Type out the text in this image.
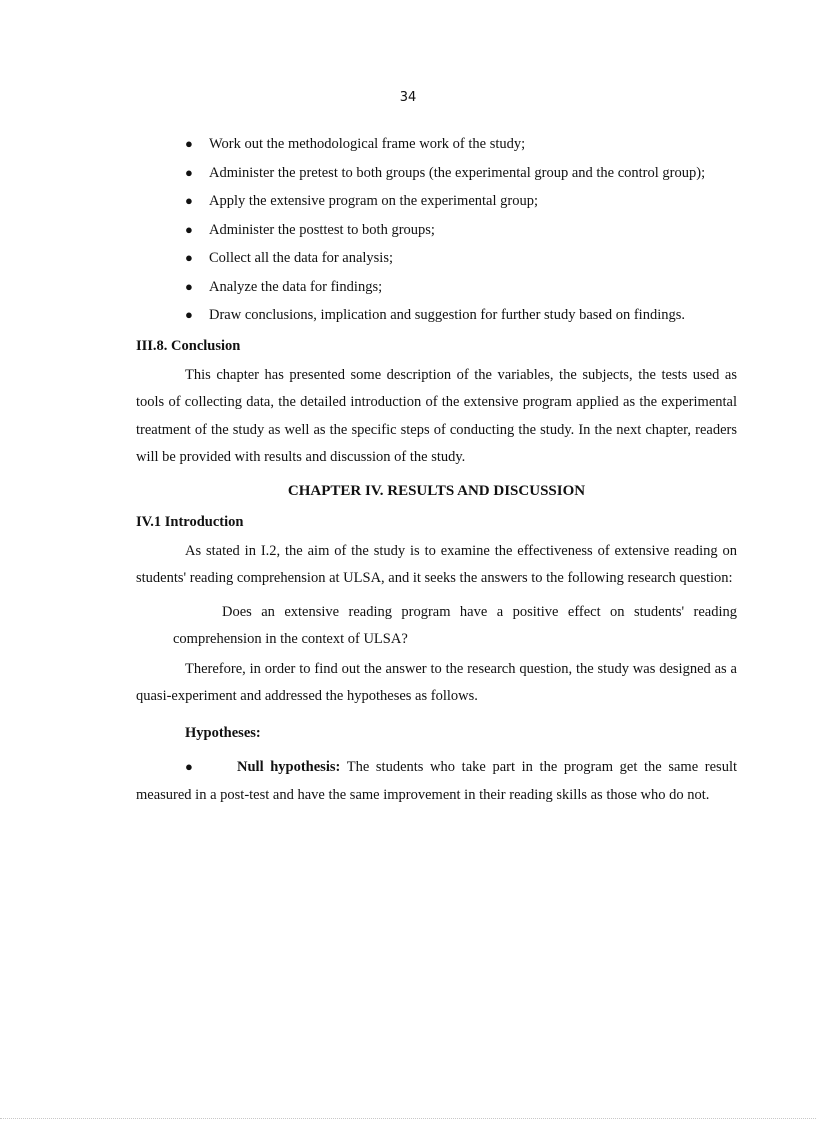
34
● Work out the methodological frame work of the study;
● Administer the pretest to both groups (the experimental group and the control group);
● Apply the extensive program on the experimental group;
● Administer the posttest to both groups;
● Collect all the data for analysis;
● Analyze the data for findings;
● Draw conclusions, implication and suggestion for further study based on findings.
III.8. Conclusion

This chapter has presented some description of the variables, the subjects, the tests used as tools of collecting data, the detailed introduction of the extensive program applied as the experimental treatment of the study as well as the specific steps of conducting the study. In the next chapter, readers will be provided with results and discussion of the study.

CHAPTER IV. RESULTS AND DISCUSSION
IV.1 Introduction

As stated in I.2, the aim of the study is to examine the effectiveness of extensive reading on students' reading comprehension at ULSA, and it seeks the answers to the following research question:

Does an extensive reading program have a positive effect on students' reading comprehension in the context of ULSA?

Therefore, in order to find out the answer to the research question, the study was designed as a quasi-experiment and addressed the hypotheses as follows.

Hypotheses:

●	Null hypothesis: The students who take part in the program get the same result measured in a post-test and have the same improvement in their reading skills as those who do not.
